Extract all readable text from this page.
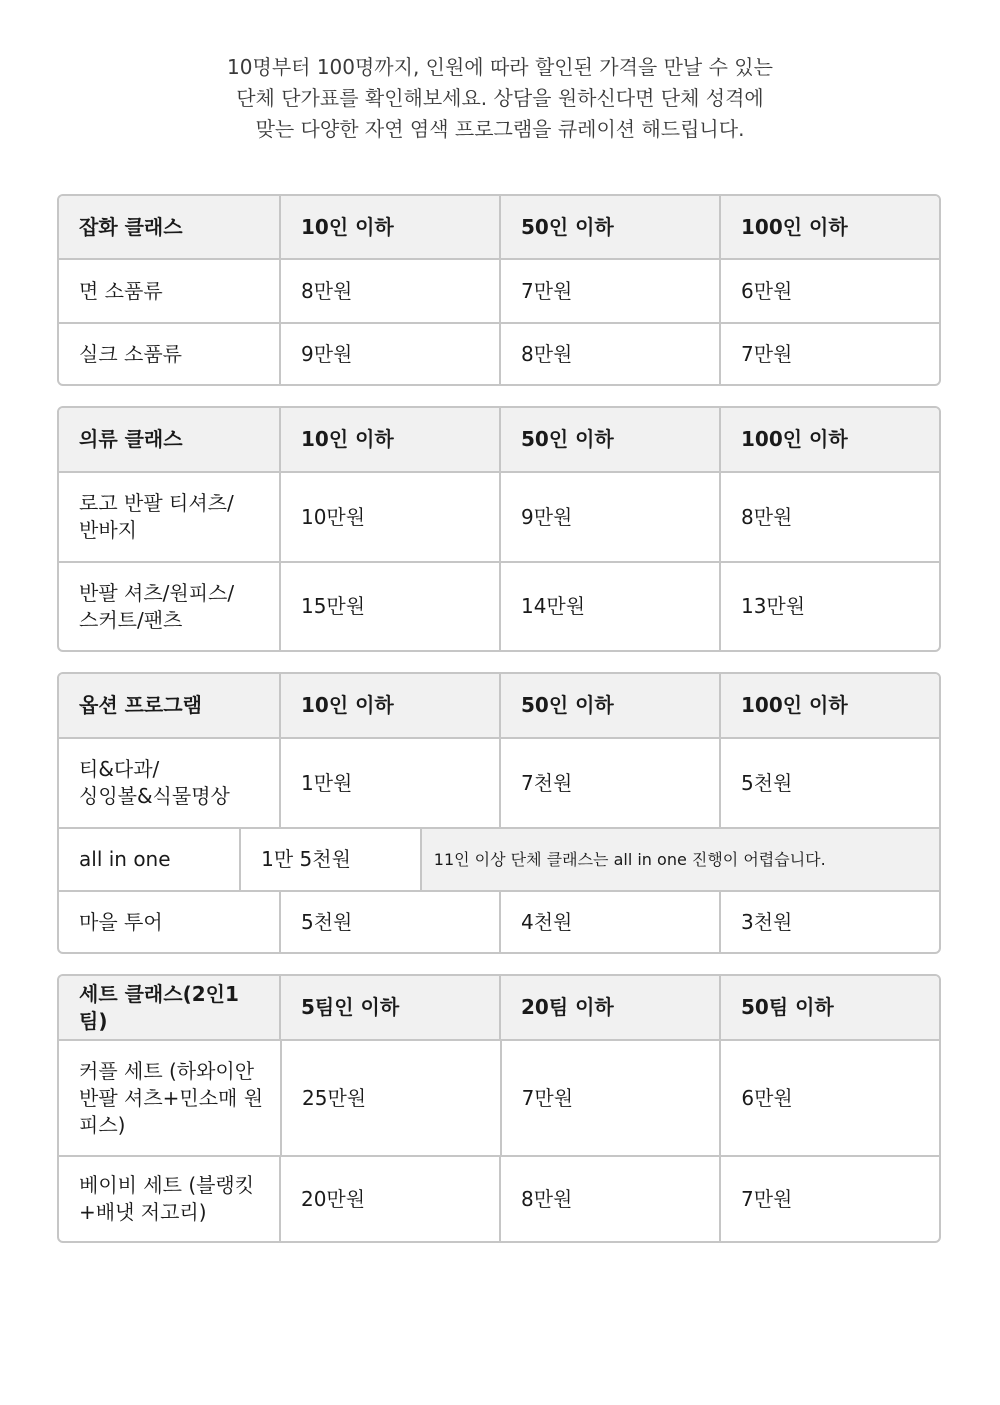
10명부터 100명까지, 인원에 따라 할인된 가격을 만날 수 있는
단체 단가표를 확인해보세요. 상담을 원하신다면 단체 성격에
맞는 다양한 자연 염색 프로그램을 큐레이션 해드립니다.
잡화 클래스	10인 이하	50인 이하	100인 이하
면 소품류	8만원	7만원	6만원
실크 소품류	9만원	8만원	7만원
의류 클래스	10인 이하	50인 이하	100인 이하
로고 반팔 티셔츠/
반바지
10만원	9만원	8만원
반팔 셔츠/원피스/
스커트/팬츠
15만원	14만원	13만원
옵션 프로그램	10인 이하	50인 이하	100인 이하
티&다과/
싱잉볼&식물명상
1만원	7천원	5천원
all in one	1만 5천원	11인 이상 단체 클래스는 all in one 진행이 어렵습니다.
마을 투어	5천원	4천원	3천원
세트 클래스(2인1팀)
5팀인 이하	20팀 이하	50팀 이하
커플 세트 (하와이안
반팔 셔츠+민소매 원
피스)
25만원	7만원	6만원
베이비 세트 (블랭킷
+배냇 저고리)
20만원	8만원	7만원
